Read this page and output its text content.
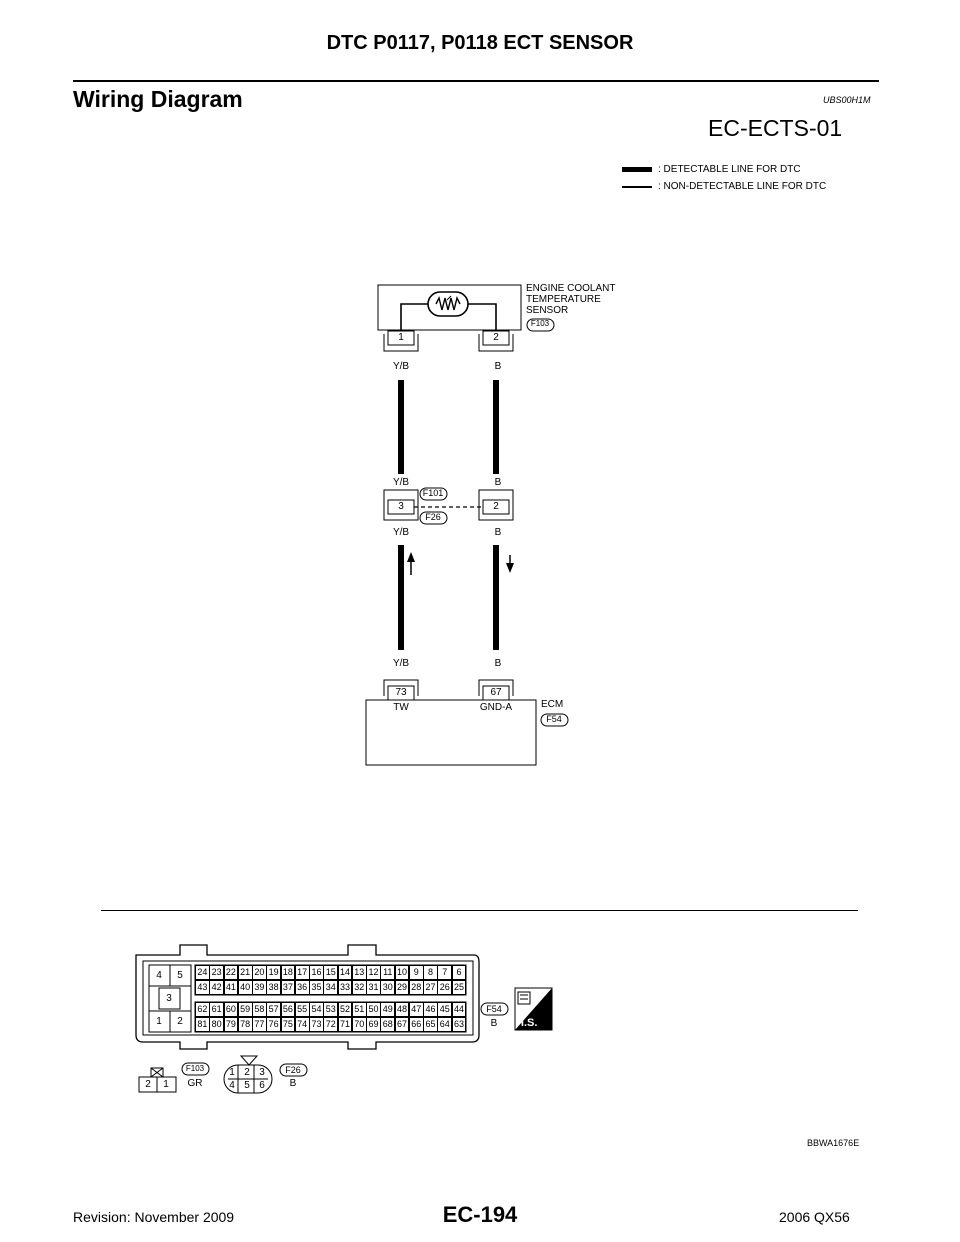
DTC P0117, P0118 ECT SENSOR
Wiring Diagram	UBS00H1M
EC-ECTS-01
: DETECTABLE LINE FOR DTC
: NON-DETECTABLE LINE FOR DTC
ENGINE COOLANT
TEMPERATURE
SENSOR
F103
1	2
Y/B	B
Y/B	B
Y/B	B
Y/B	B
3	2
F101
F26
73	67
TW	GND-A	ECM
F54
4 5
3
1 2
24 23 22 21 20 19 18 17 16 15 14 13 12 11 10 9	8	7	6
43 42 41 40 39 38 37 36 35 34 33 32 31 30 29 28 27 26 25
62 61 60 59 58 57 56 55 54 53 52 51 50 49 48 47 46 45 44
81 80 79 78 77 76 75 74 73 72 71 70 69 68 67 66 65 64 63
F54
B H.S.
2 1
F103
GR
1 2 3
4 5 6
F26
B
BBWA1676E
Revision: November 2009	EC-194	2006 QX56
